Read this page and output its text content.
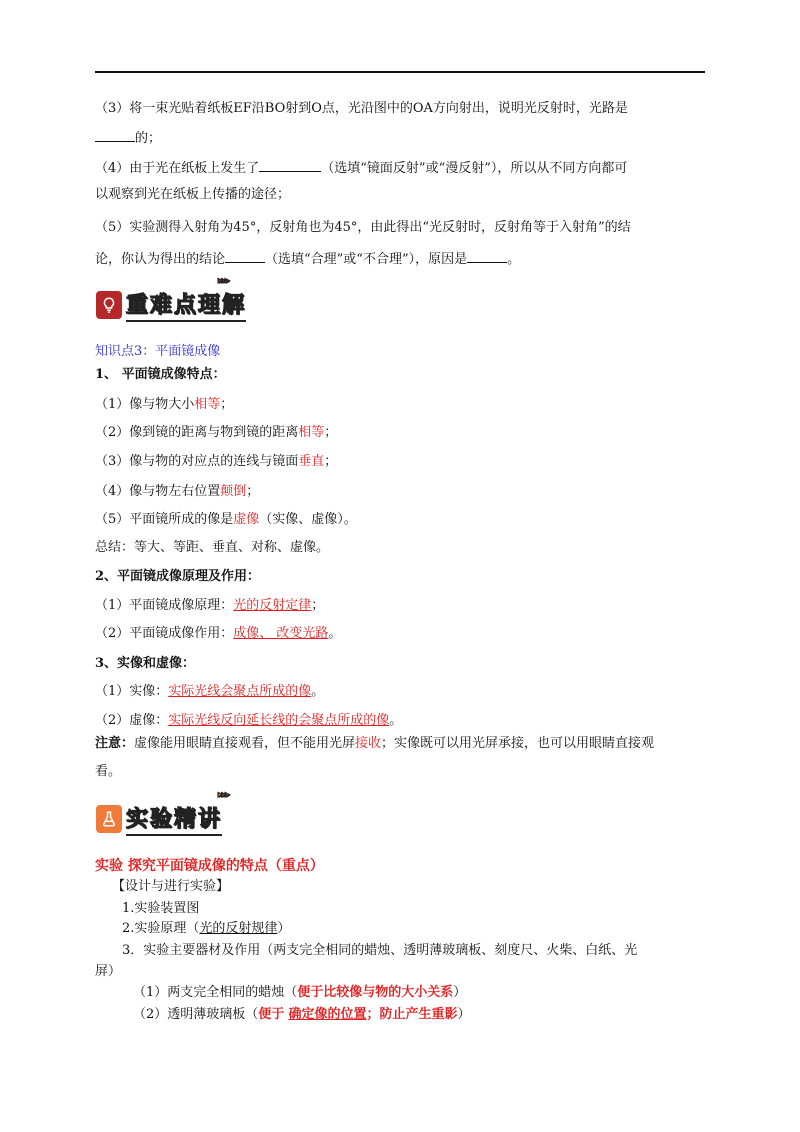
（3）将一束光贴着纸板EF沿BO射到O点，光沿图中的OA方向射出，说明光反射时，光路是
的；
（4）由于光在纸板上发生了	（选填“镜面反射”或“漫反射”），所以从不同方向都可
以观察到光在纸板上传播的途径；
（5）实验测得入射角为45°，反射角也为45°，由此得出“光反射时，反射角等于入射角”的结
论，你认为得出的结论	（选填“合理”或“不合理”），原因是	。
重难点理解
▸▸▸
知识点3：平面镜成像
1、 平面镜成像特点：
（1）像与物大小相等；
（2）像到镜的距离与物到镜的距离相等；
（3）像与物的对应点的连线与镜面垂直；
（4）像与物左右位置颠倒；
（5）平面镜所成的像是虚像（实像、虚像）。
总结：等大、等距、垂直、对称、虚像。
2、平面镜成像原理及作用：
（1）平面镜成像原理：光的反射定律；
（2）平面镜成像作用：成像、 改变光路。
3、实像和虚像：
（1）实像：实际光线会聚点所成的像。
（2）虚像：实际光线反向延长线的会聚点所成的像。
注意：虚像能用眼睛直接观看，但不能用光屏接收；实像既可以用光屏承接，也可以用眼睛直接观
看。
实验精讲
▸▸▸
实验 探究平面镜成像的特点（重点）
【设计与进行实验】
1.实验装置图
2.实验原理（光的反射规律）
3．实验主要器材及作用（两支完全相同的蜡烛、透明薄玻璃板、刻度尺、火柴、白纸、光
屏）
（1）两支完全相同的蜡烛（便于比较像与物的大小关系）
（2）透明薄玻璃板（便于 确定像的位置；防止产生重影）
